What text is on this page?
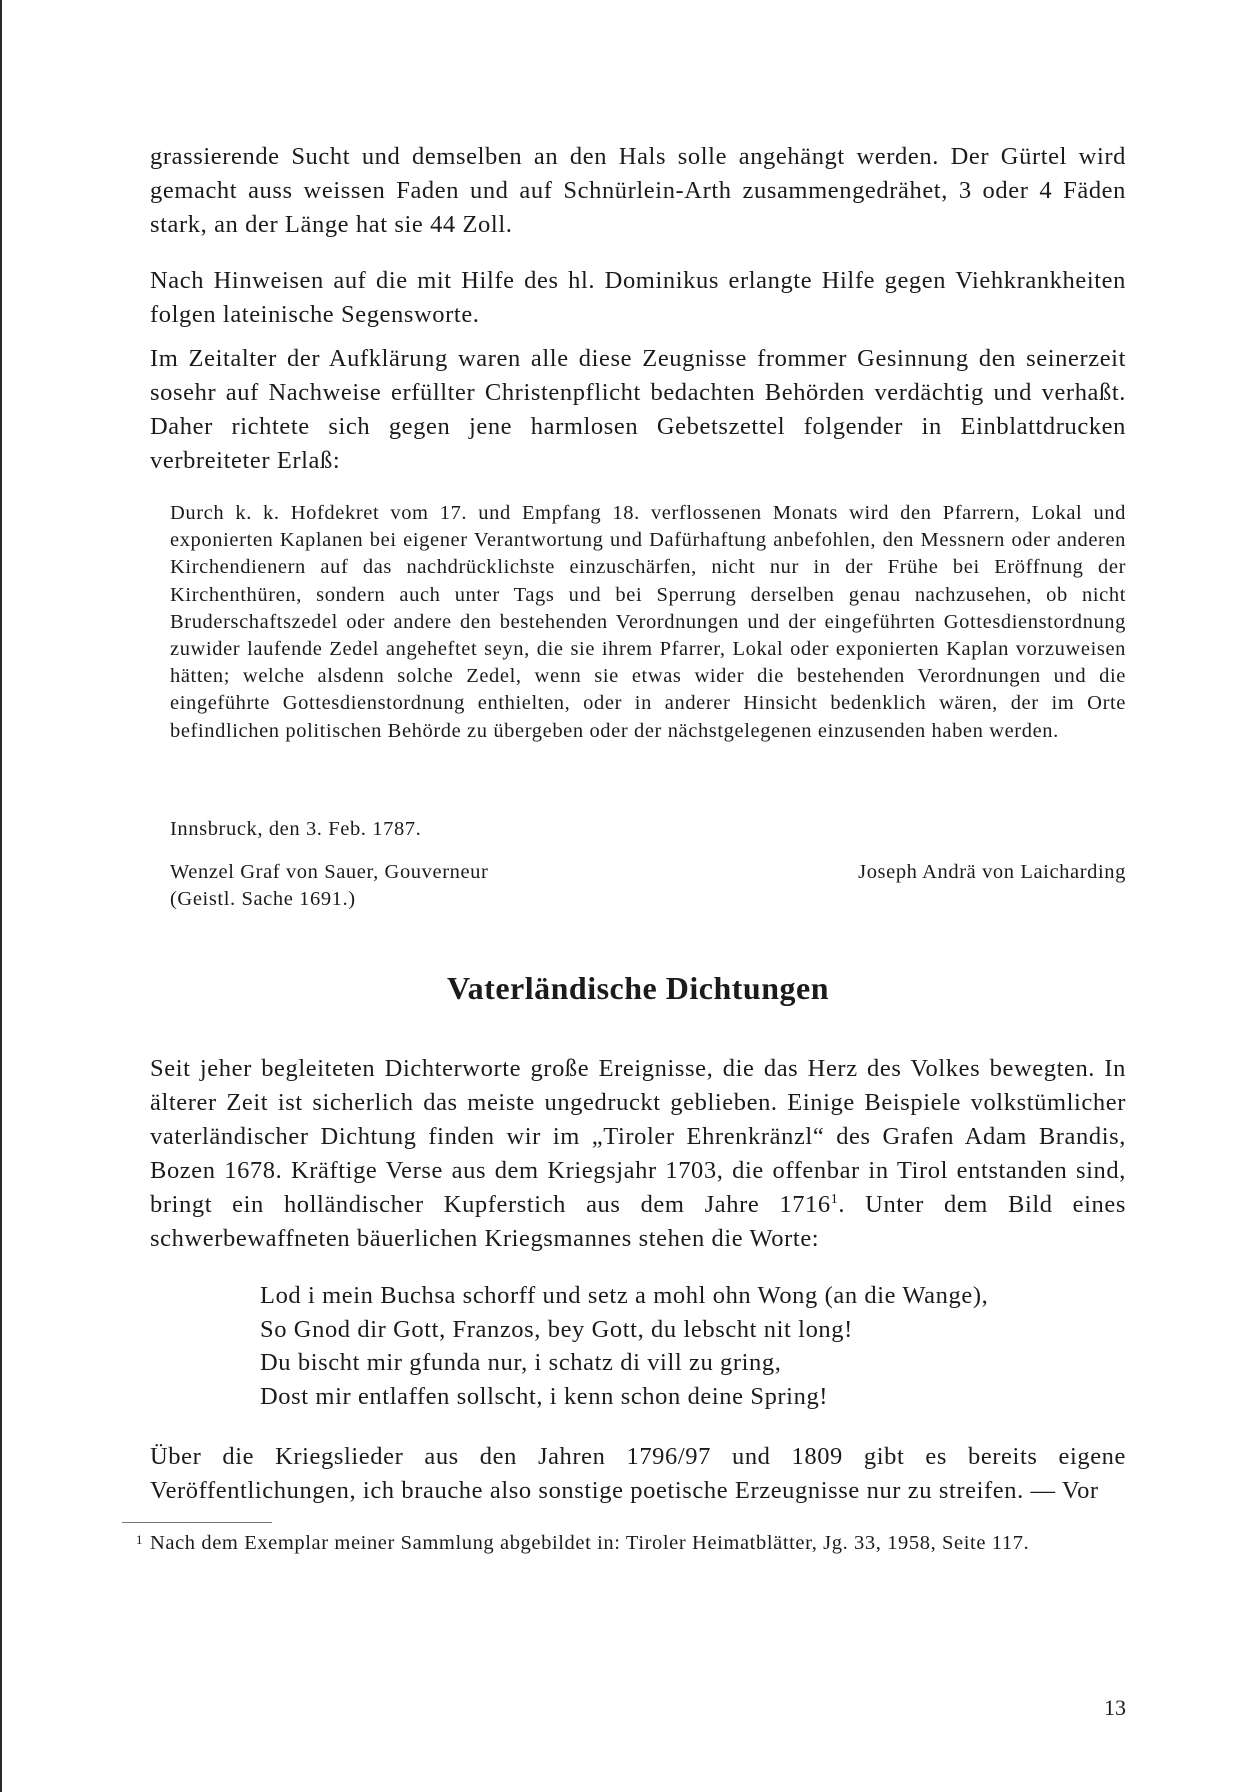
grassierende Sucht und demselben an den Hals solle angehängt werden. Der Gürtel wird gemacht auss weissen Faden und auf Schnürlein-Arth zusammengedrähet, 3 oder 4 Fäden stark, an der Länge hat sie 44 Zoll.

Nach Hinweisen auf die mit Hilfe des hl. Dominikus erlangte Hilfe gegen Viehkrankheiten folgen lateinische Segensworte.

Im Zeitalter der Aufklärung waren alle diese Zeugnisse frommer Gesinnung den seinerzeit sosehr auf Nachweise erfüllter Christenpflicht bedachten Behörden verdächtig und verhaßt. Daher richtete sich gegen jene harmlosen Gebetszettel folgender in Einblattdrucken verbreiteter Erlaß:

Durch k. k. Hofdekret vom 17. und Empfang 18. verflossenen Monats wird den Pfarrern, Lokal und exponierten Kaplanen bei eigener Verantwortung und Dafürhaftung anbefohlen, den Messnern oder anderen Kirchendienern auf das nachdrücklichste einzuschärfen, nicht nur in der Frühe bei Eröffnung der Kirchenthüren, sondern auch unter Tags und bei Sperrung derselben genau nachzusehen, ob nicht Bruderschaftszedel oder andere den bestehenden Verordnungen und der eingeführten Gottesdienstordnung zuwider laufende Zedel angeheftet seyn, die sie ihrem Pfarrer, Lokal oder exponierten Kaplan vorzuweisen hätten; welche alsdenn solche Zedel, wenn sie etwas wider die bestehenden Verordnungen und die eingeführte Gottesdienstordnung enthielten, oder in anderer Hinsicht bedenklich wären, der im Orte befindlichen politischen Behörde zu übergeben oder der nächstgelegenen einzusenden haben werden.

Innsbruck, den 3. Feb. 1787.

Wenzel Graf von Sauer, Gouverneur

(Geistl. Sache 1691.)

Joseph Andrä von Laicharding

Vaterländische Dichtungen

Seit jeher begleiteten Dichterworte große Ereignisse, die das Herz des Volkes bewegten. In älterer Zeit ist sicherlich das meiste ungedruckt geblieben. Einige Beispiele volkstümlicher vaterländischer Dichtung finden wir im „Tiroler Ehrenkränzl“ des Grafen Adam Brandis, Bozen 1678. Kräftige Verse aus dem Kriegsjahr 1703, die offenbar in Tirol entstanden sind, bringt ein holländischer Kupferstich aus dem Jahre 1716$^1$. Unter dem Bild eines schwerbewaffneten bäuerlichen Kriegsmannes stehen die Worte:

Lod i mein Buchsa schorff und setz a mohl ohn Wong (an die Wange),
So Gnod dir Gott, Franzos, bey Gott, du lebscht nit long!
Du bischt mir gfunda nur, i schatz di vill zu gring,
Dost mir entlaffen sollscht, i kenn schon deine Spring!

Über die Kriegslieder aus den Jahren 1796/97 und 1809 gibt es bereits eigene Veröffentlichungen, ich brauche also sonstige poetische Erzeugnisse nur zu streifen. — Vor

1 Nach dem Exemplar meiner Sammlung abgebildet in: Tiroler Heimatblätter, Jg. 33, 1958, Seite 117.

13
